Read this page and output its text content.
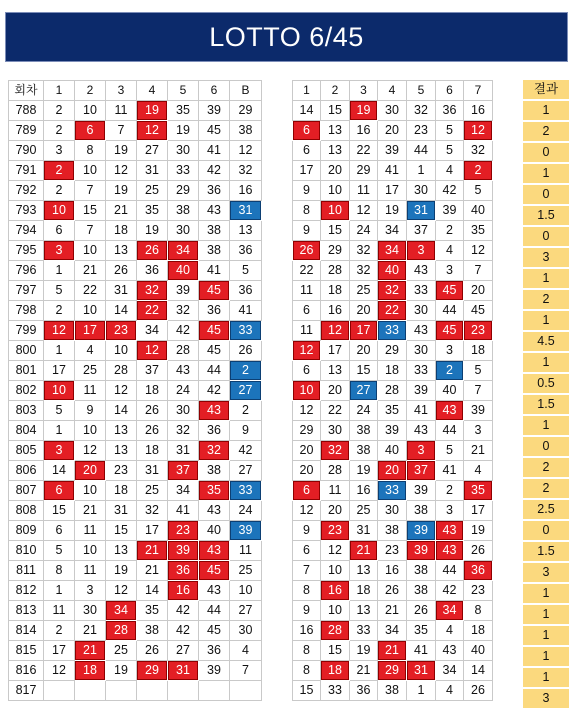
LOTTO 6/45
회차	1	2	3	4	5	6	B
788	2	10	11	19	35	39	29
789	2	6	7	12	19	45	38
790	3	8	19	27	30	41	12
791	2	10	12	31	33	42	32
792	2	7	19	25	29	36	16
793	10	15	21	35	38	43	31
794	6	7	18	19	30	38	13
795	3	10	13	26	34	38	36
796	1	21	26	36	40	41	5
797	5	22	31	32	39	45	36
798	2	10	14	22	32	36	41
799	12	17	23	34	42	45	33
800	1	4	10	12	28	45	26
801	17	25	28	37	43	44	2
802	10	11	12	18	24	42	27
803	5	9	14	26	30	43	2
804	1	10	13	26	32	36	9
805	3	12	13	18	31	32	42
806	14	20	23	31	37	38	27
807	6	10	18	25	34	35	33
808	15	21	31	32	41	43	24
809	6	11	15	17	23	40	39
810	5	10	13	21	39	43	11
811	8	11	19	21	36	45	25
812	1	3	12	14	16	43	10
813	11	30	34	35	42	44	27
814	2	21	28	38	42	45	30
815	17	21	25	26	27	36	4
816	12	18	19	29	31	39	7
817							
1	2	3	4	5	6	7
14	15	19	30	32	36	16
6	13	16	20	23	5	12
6	13	22	39	44	5	32
17	20	29	41	1	4	2
9	10	11	17	30	42	5
8	10	12	19	31	39	40
9	15	24	34	37	2	35
26	29	32	34	3	4	12
22	28	32	40	43	3	7
11	18	25	32	33	45	20
6	16	20	22	30	44	45
11	12	17	33	43	45	23
12	17	20	29	30	3	18
6	13	15	18	33	2	5
10	20	27	28	39	40	7
12	22	24	35	41	43	39
29	30	38	39	43	44	3
20	32	38	40	3	5	21
20	28	19	20	37	41	4
6	11	16	33	39	2	35
12	20	25	30	38	3	17
9	23	31	38	39	43	19
6	12	21	23	39	43	26
7	10	13	16	38	44	36
8	16	18	26	38	42	23
9	10	13	21	26	34	8
16	28	33	34	35	4	18
8	15	19	21	41	43	40
8	18	21	29	31	34	14
15	33	36	38	1	4	26
결과
1
2
0
1
0
1.5
0
3
1
2
1
4.5
1
0.5
1.5
1
0
2
2
2.5
0
1.5
3
1
1
1
1
1
3
